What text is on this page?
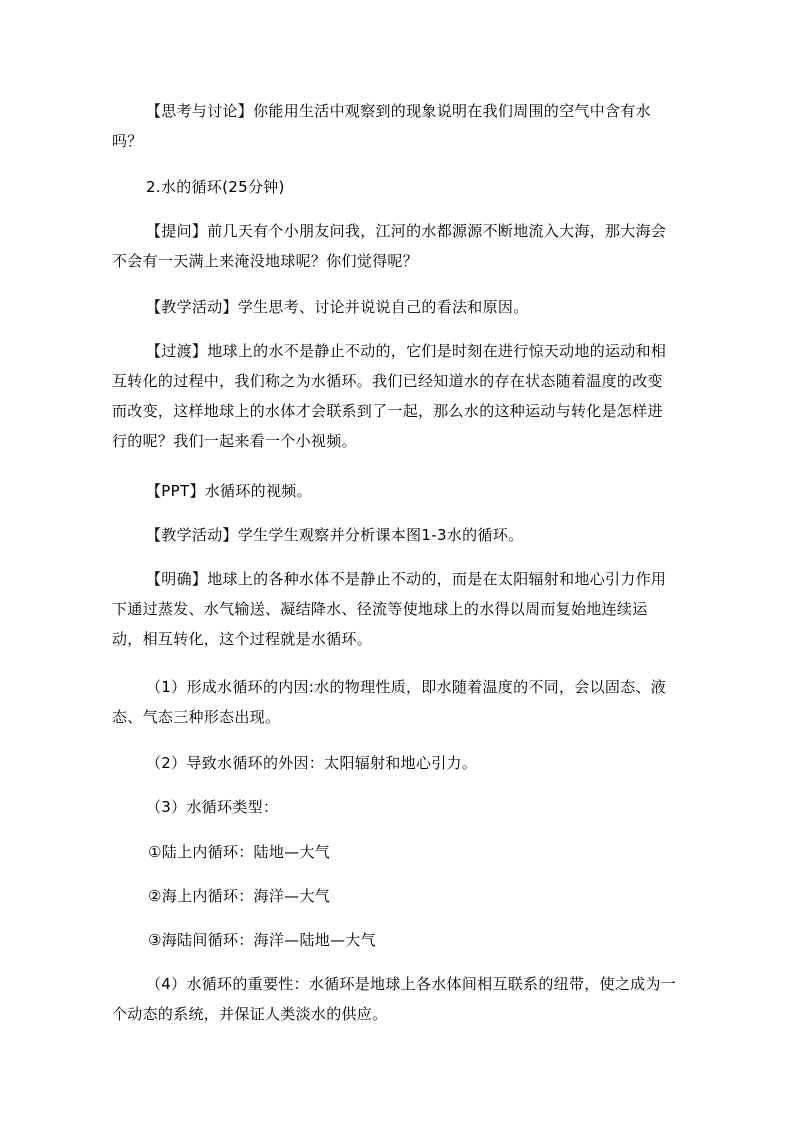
【思考与讨论】你能用生活中观察到的现象说明在我们周围的空气中含有水吗？

2.水的循环(25分钟)

【提问】前几天有个小朋友问我，江河的水都源源不断地流入大海，那大海会不会有一天满上来淹没地球呢？你们觉得呢？

【教学活动】学生思考、讨论并说说自己的看法和原因。

【过渡】地球上的水不是静止不动的，它们是时刻在进行惊天动地的运动和相互转化的过程中，我们称之为水循环。我们已经知道水的存在状态随着温度的改变而改变，这样地球上的水体才会联系到了一起，那么水的这种运动与转化是怎样进行的呢？我们一起来看一个小视频。

【PPT】水循环的视频。

【教学活动】学生学生观察并分析课本图1-3水的循环。

【明确】地球上的各种水体不是静止不动的，而是在太阳辐射和地心引力作用下通过蒸发、水气输送、凝结降水、径流等使地球上的水得以周而复始地连续运动，相互转化，这个过程就是水循环。

（1）形成水循环的内因:水的物理性质，即水随着温度的不同，会以固态、液态、气态三种形态出现。

（2）导致水循环的外因：太阳辐射和地心引力。

（3）水循环类型：

①陆上内循环：陆地—大气

②海上内循环：海洋—大气

③海陆间循环：海洋—陆地—大气

（4）水循环的重要性：水循环是地球上各水体间相互联系的纽带，使之成为一个动态的系统，并保证人类淡水的供应。
